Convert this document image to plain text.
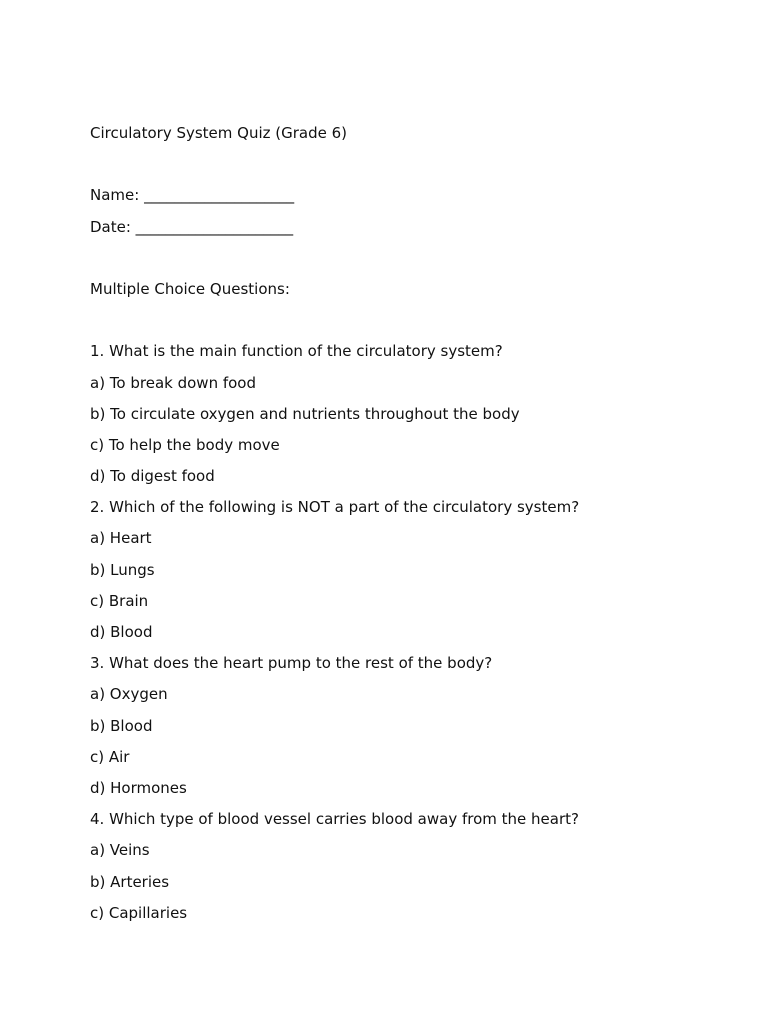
Circulatory System Quiz (Grade 6)
Name: ____________________
Date: _____________________
Multiple Choice Questions:
1. What is the main function of the circulatory system?
a) To break down food
b) To circulate oxygen and nutrients throughout the body
c) To help the body move
d) To digest food
2. Which of the following is NOT a part of the circulatory system?
a) Heart
b) Lungs
c) Brain
d) Blood
3. What does the heart pump to the rest of the body?
a) Oxygen
b) Blood
c) Air
d) Hormones
4. Which type of blood vessel carries blood away from the heart?
a) Veins
b) Arteries
c) Capillaries
